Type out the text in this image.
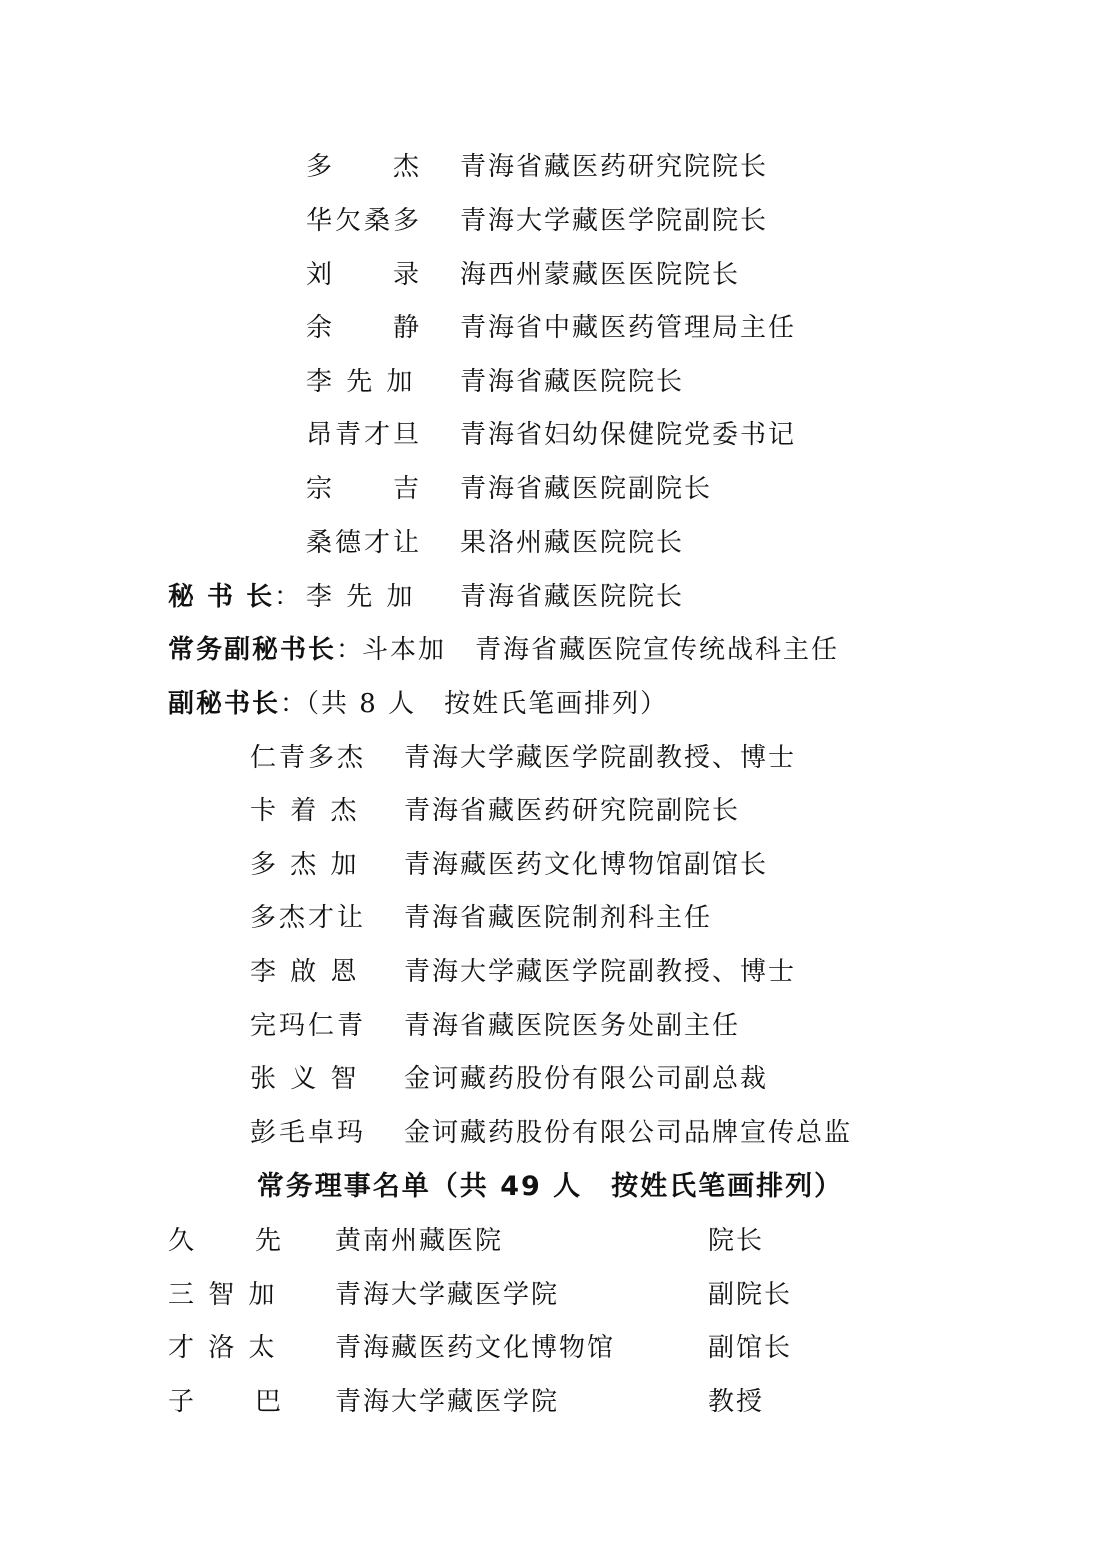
多　　杰 青海省藏医药研究院院长
华欠桑多 青海大学藏医学院副院长
刘　　录 海西州蒙藏医医院院长
余　　静 青海省中藏医药管理局主任
李 先 加 青海省藏医院院长
昂青才旦 青海省妇幼保健院党委书记
宗　　吉 青海省藏医院副院长
桑德才让 果洛州藏医院院长
秘 书 长： 李 先 加 青海省藏医院院长
常务副秘书长： 斗本加 青海省藏医院宣传统战科主任
副秘书长：（共 8 人　按姓氏笔画排列）
仁青多杰 青海大学藏医学院副教授、博士
卡 着 杰 青海省藏医药研究院副院长
多 杰 加 青海藏医药文化博物馆副馆长
多杰才让 青海省藏医院制剂科主任
李 啟 恩 青海大学藏医学院副教授、博士
完玛仁青 青海省藏医院医务处副主任
张 义 智 金诃藏药股份有限公司副总裁
彭毛卓玛 金诃藏药股份有限公司品牌宣传总监
常务理事名单（共 49 人　按姓氏笔画排列）
久　　先 黄南州藏医院	院长
三 智 加 青海大学藏医学院	副院长
才 洛 太 青海藏医药文化博物馆	副馆长
子　　巴 青海大学藏医学院	教授
